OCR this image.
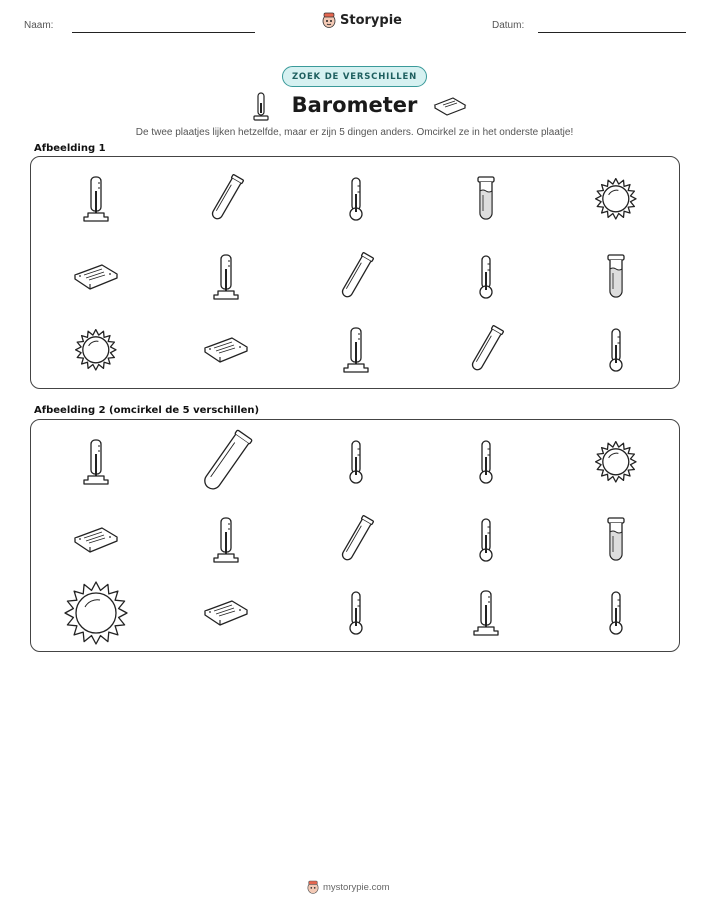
Naam:	Storypie	Datum:
ZOEK DE VERSCHILLEN
Barometer
De twee plaatjes lijken hetzelfde, maar er zijn 5 dingen anders. Omcirkel ze in het onderste plaatje!
Afbeelding 1
Afbeelding 2 (omcirkel de 5 verschillen)
mystorypie.com
